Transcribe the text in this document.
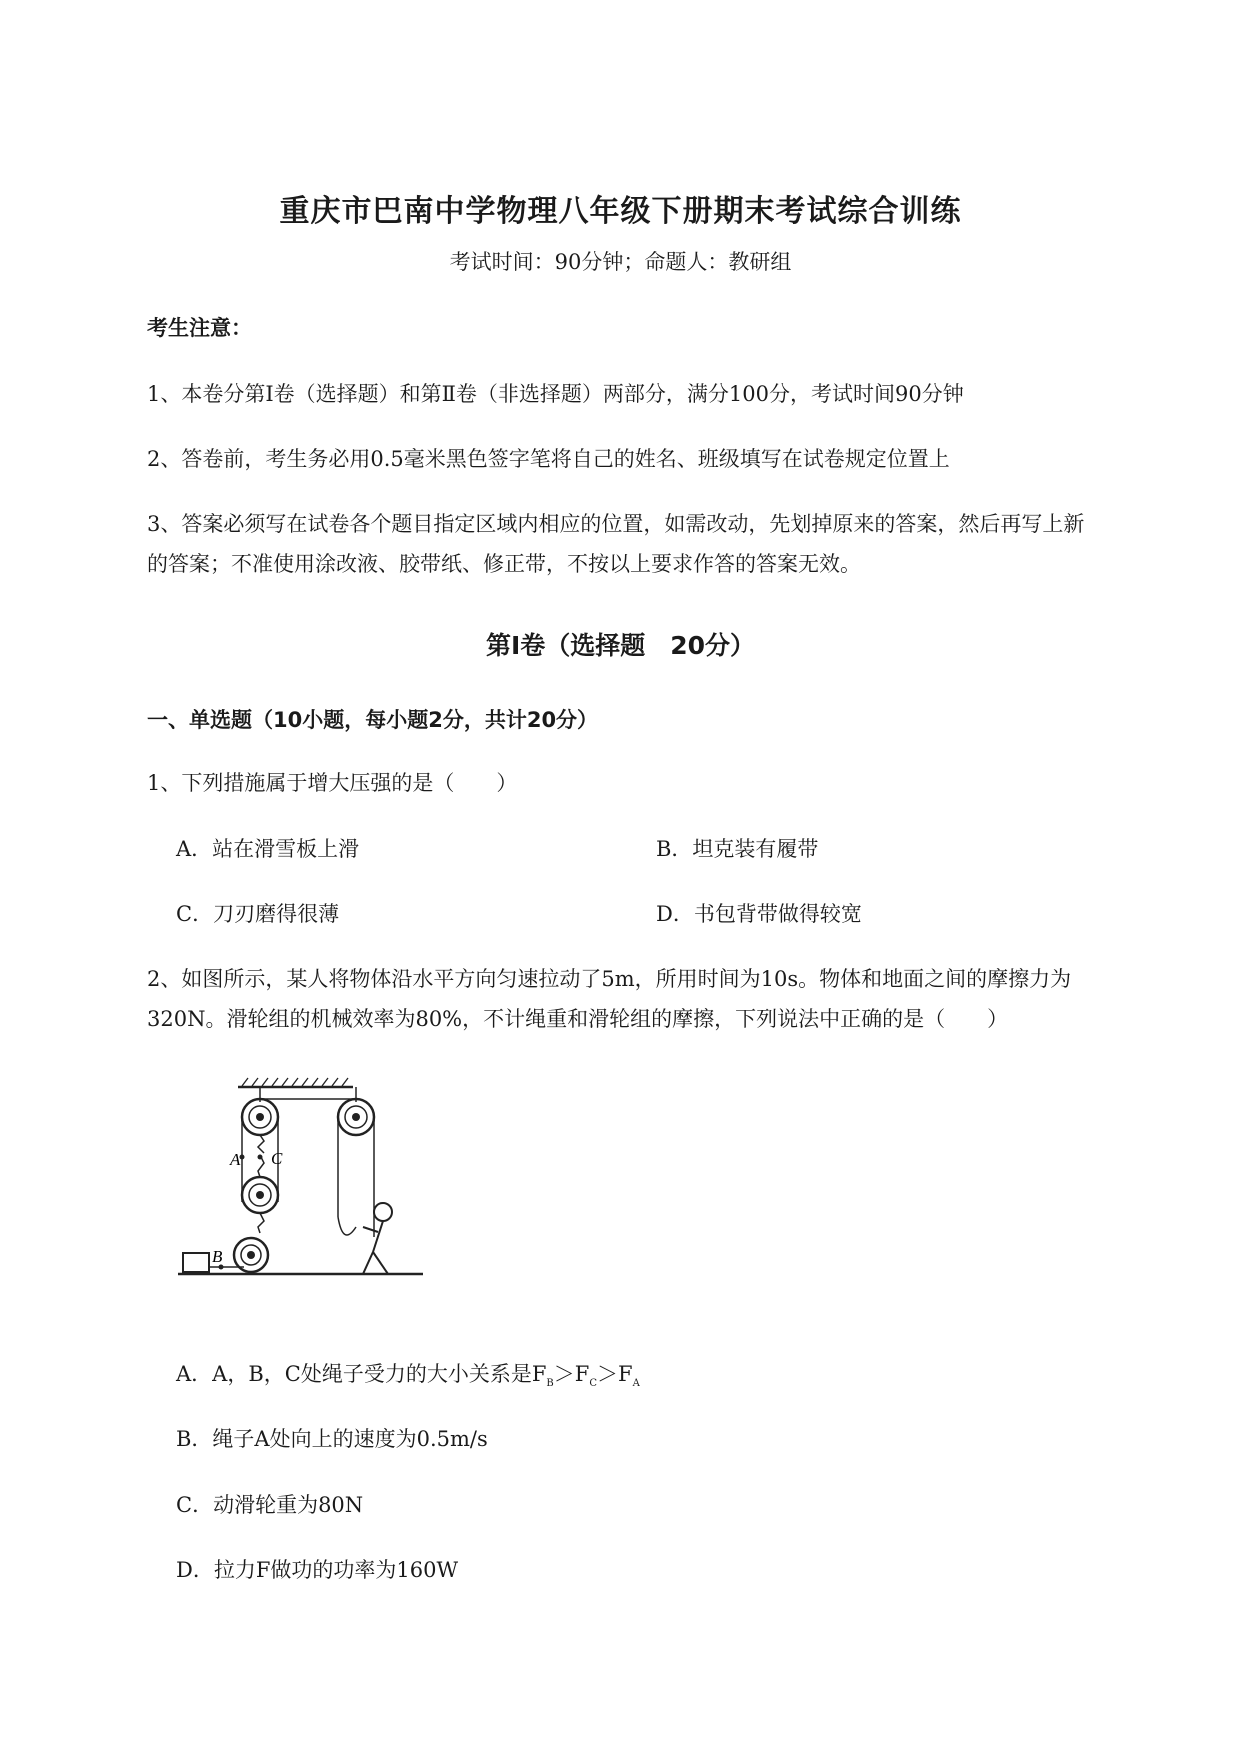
重庆市巴南中学物理八年级下册期末考试综合训练
考试时间：90分钟；命题人：教研组
考生注意：
1、本卷分第I卷（选择题）和第Ⅱ卷（非选择题）两部分，满分100分，考试时间90分钟
2、答卷前，考生务必用0.5毫米黑色签字笔将自己的姓名、班级填写在试卷规定位置上
3、答案必须写在试卷各个题目指定区域内相应的位置，如需改动，先划掉原来的答案，然后再写上新
的答案；不准使用涂改液、胶带纸、修正带，不按以上要求作答的答案无效。
第I卷（选择题　20分）
一、单选题（10小题，每小题2分，共计20分）
1、下列措施属于增大压强的是（　　）
A．站在滑雪板上滑	B．坦克装有履带
C．刀刃磨得很薄	D．书包背带做得较宽
2、如图所示，某人将物体沿水平方向匀速拉动了5m，所用时间为10s。物体和地面之间的摩擦力为
320N。滑轮组的机械效率为80%，不计绳重和滑轮组的摩擦，下列说法中正确的是（　　）
A C
B
A．A，B，C处绳子受力的大小关系是$F_B>F_C>F_A$
B．绳子A处向上的速度为0.5m/s
C．动滑轮重为80N
D．拉力F做功的功率为160W
